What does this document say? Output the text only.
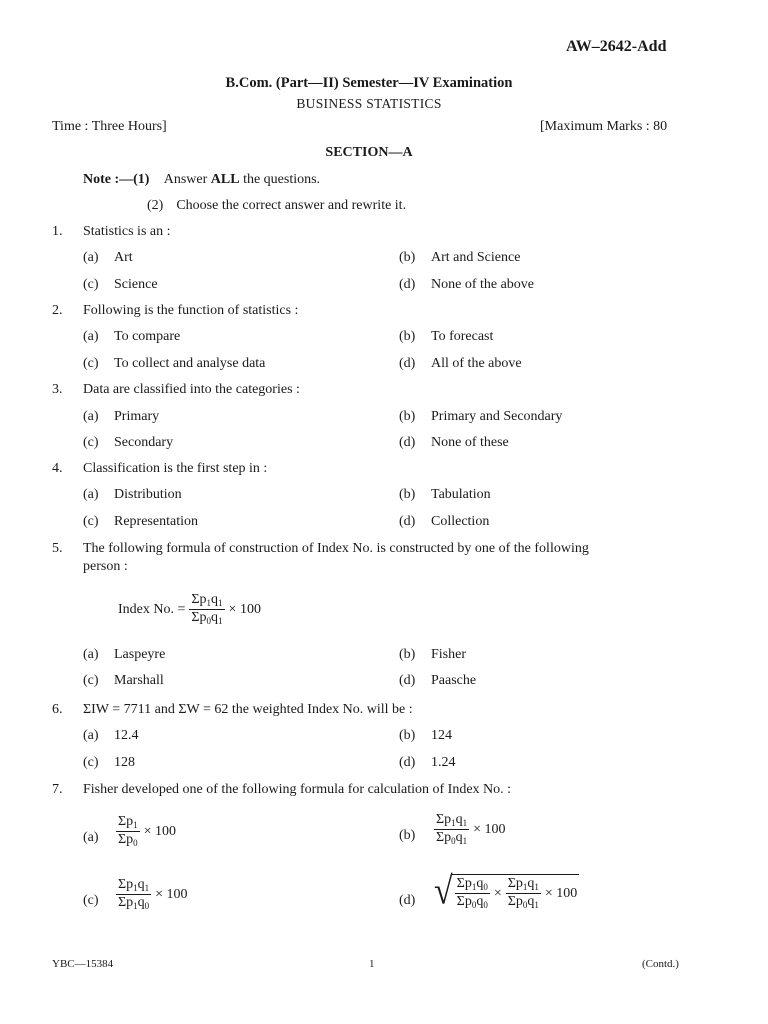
AW–2642-Add
B.Com. (Part—II) Semester—IV Examination
BUSINESS STATISTICS
Time : Three Hours]	[Maximum Marks : 80
SECTION—A
Note :—(1) Answer ALL the questions.
(2) Choose the correct answer and rewrite it.
1. Statistics is an :
(a) Art	(b) Art and Science
(c) Science	(d) None of the above
2. Following is the function of statistics :
(a) To compare	(b) To forecast
(c) To collect and analyse data	(d) All of the above
3. Data are classified into the categories :
(a) Primary	(b) Primary and Secondary
(c) Secondary	(d) None of these
4. Classification is the first step in :
(a) Distribution	(b) Tabulation
(c) Representation	(d) Collection
5. The following formula of construction of Index No. is constructed by one of the following
person :
Index No. = $\frac{\Sigma p_1q_1}{\Sigma p_0q_1} \times 100$
(a) Laspeyre	(b) Fisher
(c) Marshall	(d) Paasche
6. ΣIW = 7711 and ΣW = 62 the weighted Index No. will be :
(a) 12.4	(b) 124
(c) 128	(d) 1.24
7. Fisher developed one of the following formula for calculation of Index No. :
$(a) \frac{\Sigma p_1}{\Sigma p_0} \times 100$	$(b) \frac{\Sigma p_1q_1}{\Sigma p_0q_1} \times 100$
$(c) \frac{\Sigma p_1q_1}{\Sigma p_1q_0} \times 100$	(d) √ $\frac{\Sigma p_1q_0}{\Sigma p_0q_0} \times \frac{\Sigma p_1q_1}{\Sigma p_0q_1} \times 100$
YBC—15384	1	(Contd.)
